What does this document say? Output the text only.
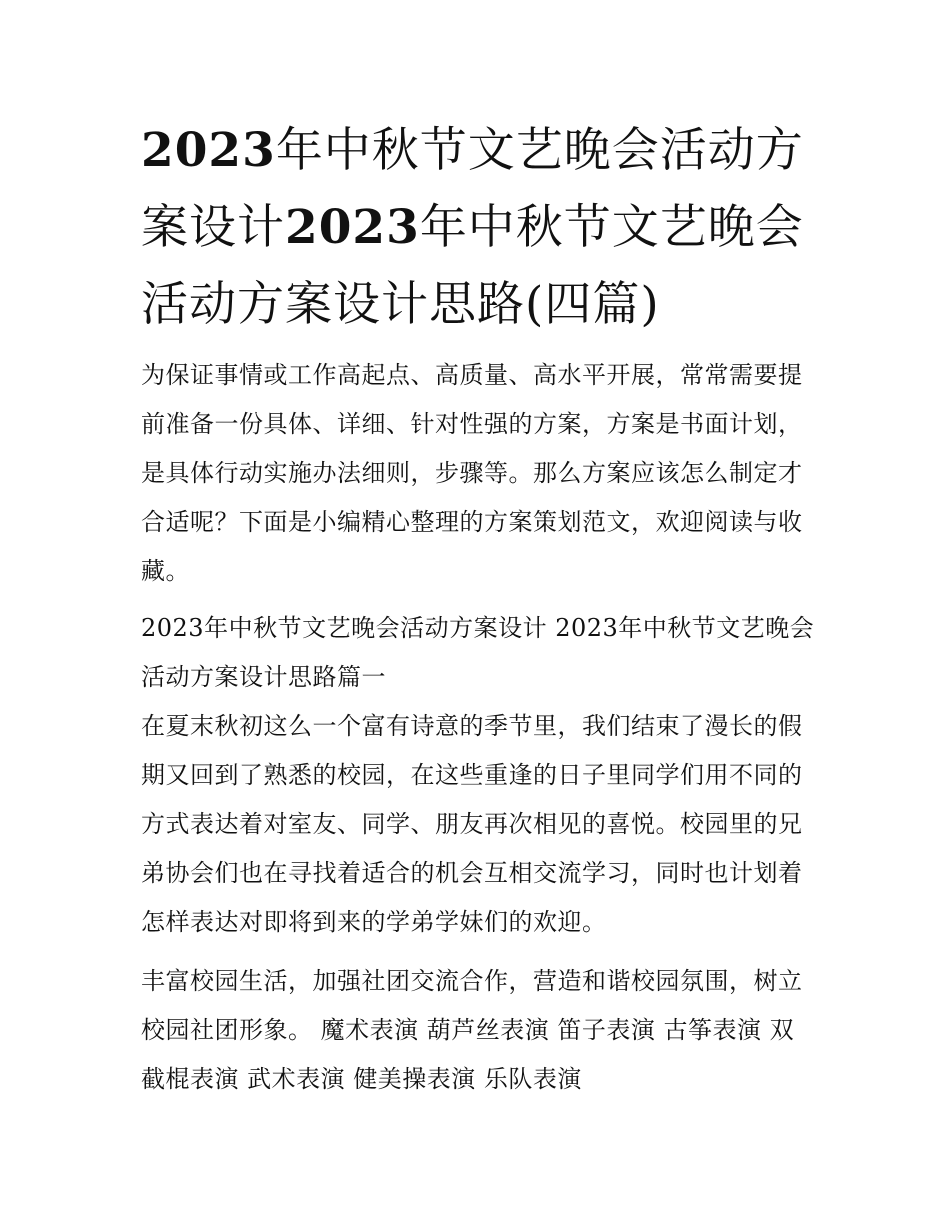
2023年中秋节文艺晚会活动方案设计2023年中秋节文艺晚会活动方案设计思路(四篇)

为保证事情或工作高起点、高质量、高水平开展，常常需要提前准备一份具体、详细、针对性强的方案，方案是书面计划，是具体行动实施办法细则，步骤等。那么方案应该怎么制定才合适呢？下面是小编精心整理的方案策划范文，欢迎阅读与收藏。

2023年中秋节文艺晚会活动方案设计 2023年中秋节文艺晚会活动方案设计思路篇一

在夏末秋初这么一个富有诗意的季节里，我们结束了漫长的假期又回到了熟悉的校园，在这些重逢的日子里同学们用不同的方式表达着对室友、同学、朋友再次相见的喜悦。校园里的兄弟协会们也在寻找着适合的机会互相交流学习，同时也计划着怎样表达对即将到来的学弟学妹们的欢迎。

丰富校园生活，加强社团交流合作，营造和谐校园氛围，树立校园社团形象。 魔术表演 葫芦丝表演 笛子表演 古筝表演 双截棍表演 武术表演 健美操表演 乐队表演
